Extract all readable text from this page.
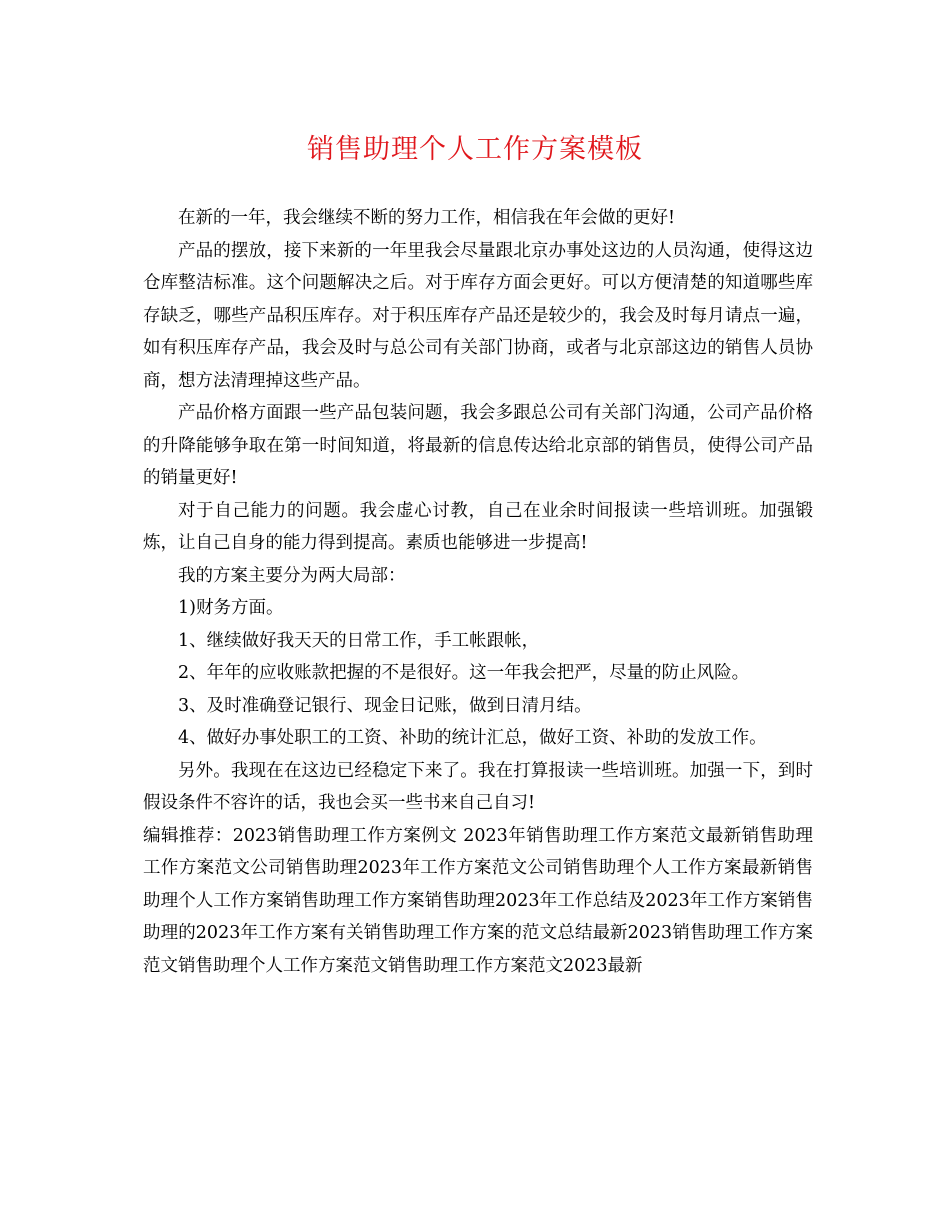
销售助理个人工作方案模板

在新的一年，我会继续不断的努力工作，相信我在年会做的更好!

产品的摆放，接下来新的一年里我会尽量跟北京办事处这边的人员沟通，使得这边仓库整洁标准。这个问题解决之后。对于库存方面会更好。可以方便清楚的知道哪些库存缺乏，哪些产品积压库存。对于积压库存产品还是较少的，我会及时每月请点一遍，如有积压库存产品，我会及时与总公司有关部门协商，或者与北京部这边的销售人员协商，想方法清理掉这些产品。

产品价格方面跟一些产品包装问题，我会多跟总公司有关部门沟通，公司产品价格的升降能够争取在第一时间知道，将最新的信息传达给北京部的销售员，使得公司产品的销量更好!

对于自己能力的问题。我会虚心讨教，自己在业余时间报读一些培训班。加强锻炼，让自己自身的能力得到提高。素质也能够进一步提高!

我的方案主要分为两大局部：

1)财务方面。

1、继续做好我天天的日常工作，手工帐跟帐，

2、年年的应收账款把握的不是很好。这一年我会把严，尽量的防止风险。

3、及时准确登记银行、现金日记账，做到日清月结。

4、做好办事处职工的工资、补助的统计汇总，做好工资、补助的发放工作。

另外。我现在在这边已经稳定下来了。我在打算报读一些培训班。加强一下，到时假设条件不容许的话，我也会买一些书来自己自习!

编辑推荐：2023销售助理工作方案例文 2023年销售助理工作方案范文最新销售助理工作方案范文公司销售助理2023年工作方案范文公司销售助理个人工作方案最新销售助理个人工作方案销售助理工作方案销售助理2023年工作总结及2023年工作方案销售助理的2023年工作方案有关销售助理工作方案的范文总结最新2023销售助理工作方案范文销售助理个人工作方案范文销售助理工作方案范文2023最新
